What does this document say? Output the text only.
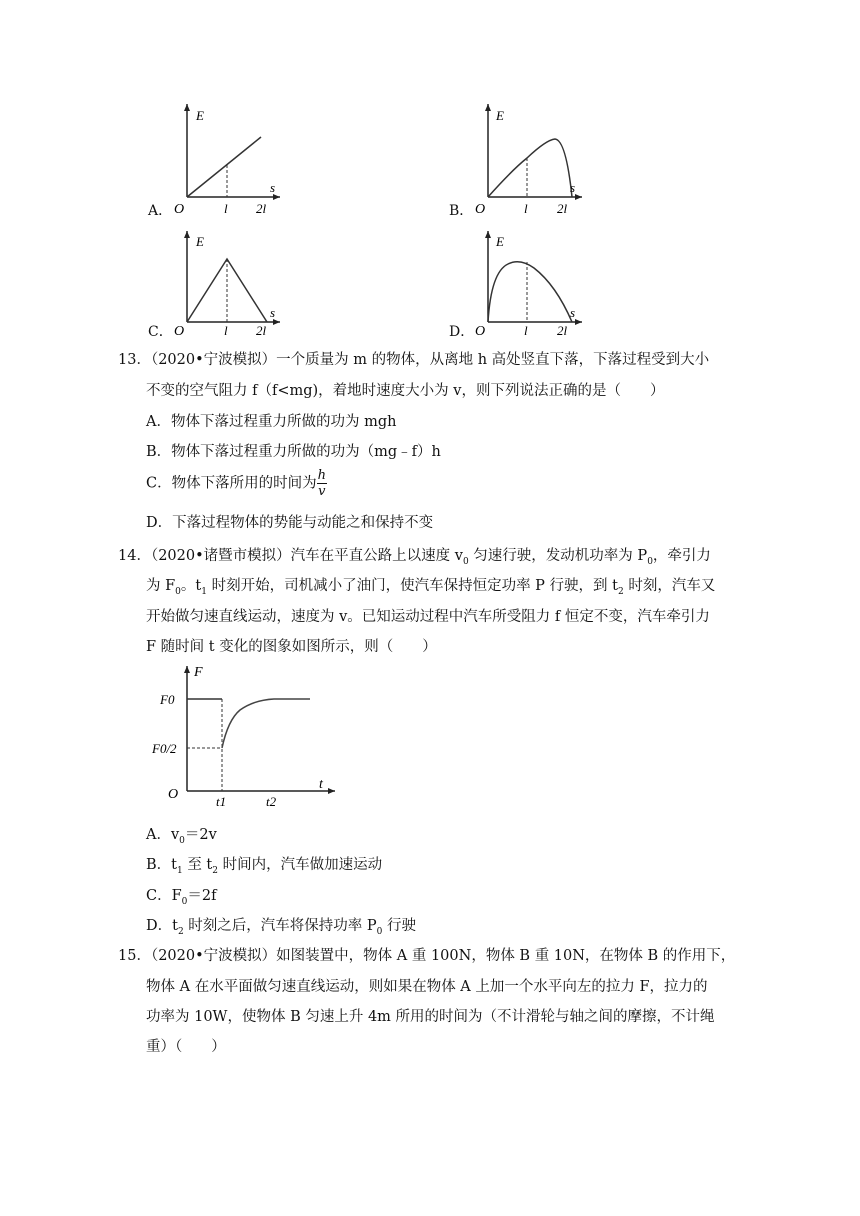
E
s
O	l 2l
E
s
O	l 2l
E
s
O	l 2l
E
s
O	l 2l
A．	B．
C．	D．
13．（2020•宁波模拟）一个质量为 m 的物体，从离地 h 高处竖直下落，下落过程受到大小
不变的空气阻力 f（f<mg)，着地时速度大小为 v，则下列说法正确的是（　　）
A．物体下落过程重力所做的功为 mgh
B．物体下落过程重力所做的功为（mg﹣f）h
C．物体下落所用的时间为 $\frac{h}{v}$
D．下落过程物体的势能与动能之和保持不变
14．（2020•诸暨市模拟）汽车在平直公路上以速度 $v_0$ 匀速行驶，发动机功率为 $P_0$，牵引力
为 $F_0$。$t_1$ 时刻开始，司机减小了油门，使汽车保持恒定功率 P 行驶，到 $t_2$ 时刻，汽车又
开始做匀速直线运动，速度为 v。已知运动过程中汽车所受阻力 f 恒定不变，汽车牵引力
F 随时间 t 变化的图象如图所示，则（　　）
F
t
O
F0
F0/2
t1	t2
A．$v_0=2v$
B．$t_1$ 至 $t_2$ 时间内，汽车做加速运动
C．$F_0=2f$
D．$t_2$ 时刻之后，汽车将保持功率 $P_0$ 行驶
15．（2020•宁波模拟）如图装置中，物体 A 重 100N，物体 B 重 10N，在物体 B 的作用下，
物体 A 在水平面做匀速直线运动，则如果在物体 A 上加一个水平向左的拉力 F，拉力的
功率为 10W，使物体 B 匀速上升 4m 所用的时间为（不计滑轮与轴之间的摩擦，不计绳
重）（　　）
